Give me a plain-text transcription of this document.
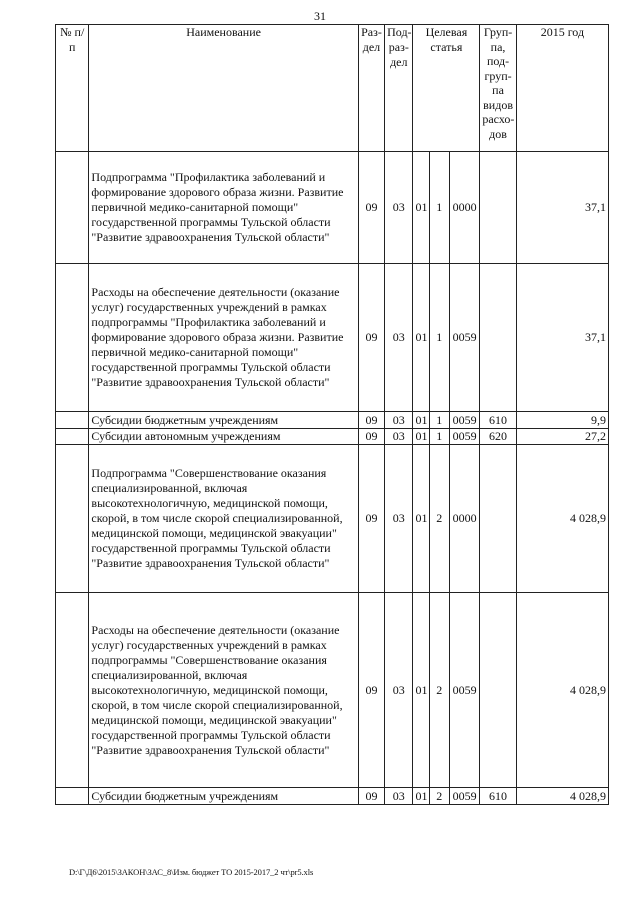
31
№ п/п	Наименование	Раз-дел	Под-раз-дел	Целевая статья			Груп-па, под-груп-па видов расхо-дов	2015 год
	Подпрограмма "Профилактика заболеваний и формирование здорового образа жизни. Развитие первичной медико-санитарной помощи" государственной программы Тульской области "Развитие здравоохранения Тульской области"	09	03	01	1	0000		37,1
	Расходы на обеспечение деятельности (оказание услуг) государственных учреждений в рамках подпрограммы "Профилактика заболеваний и формирование здорового образа жизни. Развитие первичной медико-санитарной помощи" государственной программы Тульской области "Развитие здравоохранения Тульской области"	09	03	01	1	0059		37,1
	Субсидии бюджетным учреждениям	09	03	01	1	0059	610	9,9
	Субсидии автономным учреждениям	09	03	01	1	0059	620	27,2
	Подпрограмма "Совершенствование оказания специализированной, включая высокотехнологичную, медицинской помощи, скорой, в том числе скорой специализированной, медицинской помощи, медицинской эвакуации" государственной программы Тульской области "Развитие здравоохранения Тульской области"	09	03	01	2	0000		4 028,9
	Расходы на обеспечение деятельности (оказание услуг) государственных учреждений в рамках подпрограммы "Совершенствование оказания специализированной, включая высокотехнологичную, медицинской помощи, скорой, в том числе скорой специализированной, медицинской помощи, медицинской эвакуации" государственной программы Тульской области "Развитие здравоохранения Тульской области"	09	03	01	2	0059		4 028,9
	Субсидии бюджетным учреждениям	09	03	01	2	0059	610	4 028,9
D:\Г\Д6\2015\ЗАКОН\ЗАС_8\Изм. бюджет ТО 2015-2017_2 чт\pr5.xls
